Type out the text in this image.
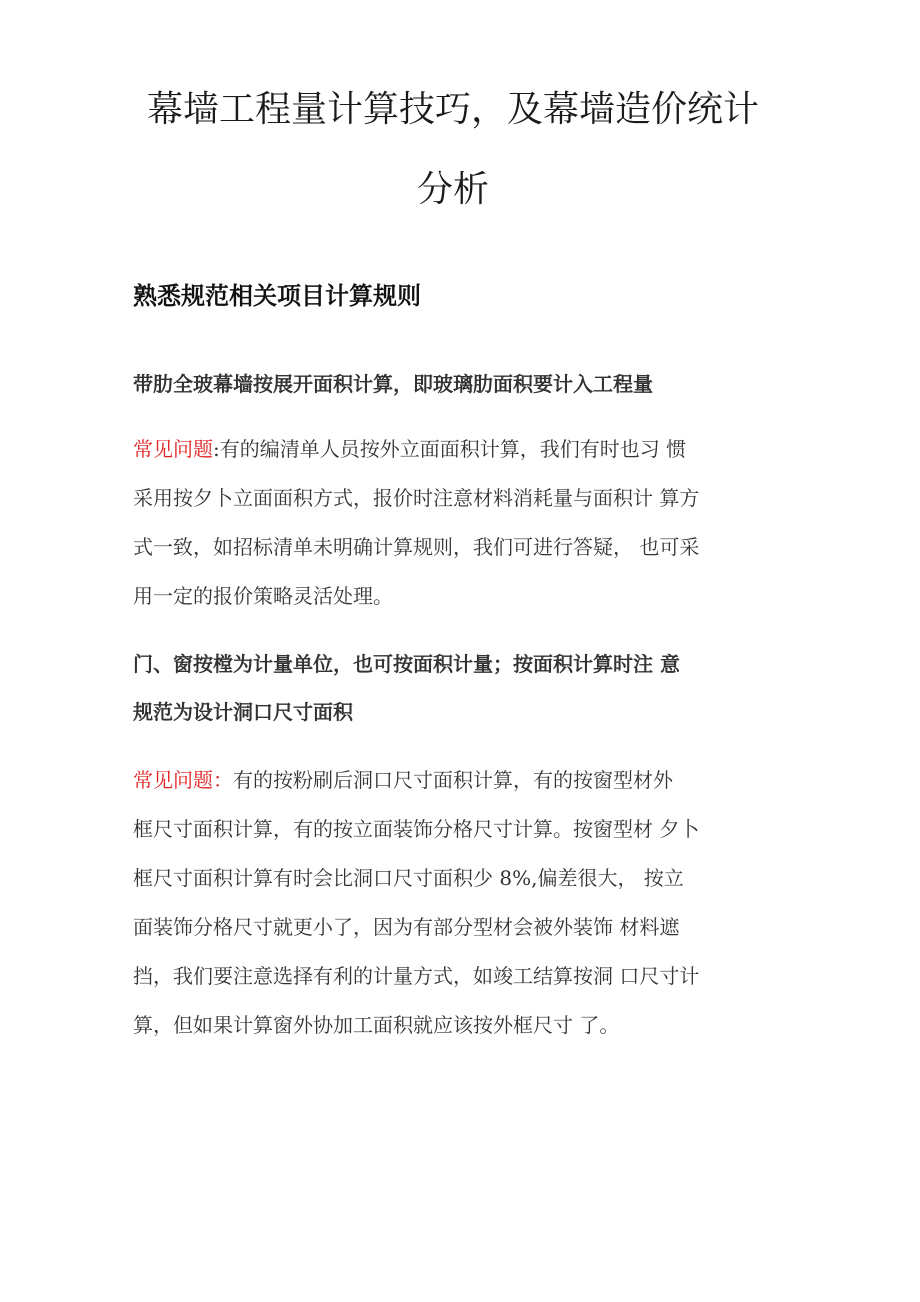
幕墙工程量计算技巧，及幕墙造价统计
分析
熟悉规范相关项目计算规则

带肋全玻幕墙按展开面积计算，即玻璃肋面积要计入工程量

常见问题:有的编清单人员按外立面面积计算，我们有时也习 惯
采用按夕卜立面面积方式，报价时注意材料消耗量与面积计 算方
式一致，如招标清单未明确计算规则，我们可进行答疑， 也可采
用一定的报价策略灵活处理。

门、窗按樘为计量单位，也可按面积计量；按面积计算时注 意
规范为设计洞口尺寸面积

常见问题：有的按粉刷后洞口尺寸面积计算，有的按窗型材外
框尺寸面积计算，有的按立面装饰分格尺寸计算。按窗型材 夕卜
框尺寸面积计算有时会比洞口尺寸面积少 8%,偏差很大， 按立
面装饰分格尺寸就更小了，因为有部分型材会被外装饰 材料遮
挡，我们要注意选择有利的计量方式，如竣工结算按洞 口尺寸计
算，但如果计算窗外协加工面积就应该按外框尺寸 了。
